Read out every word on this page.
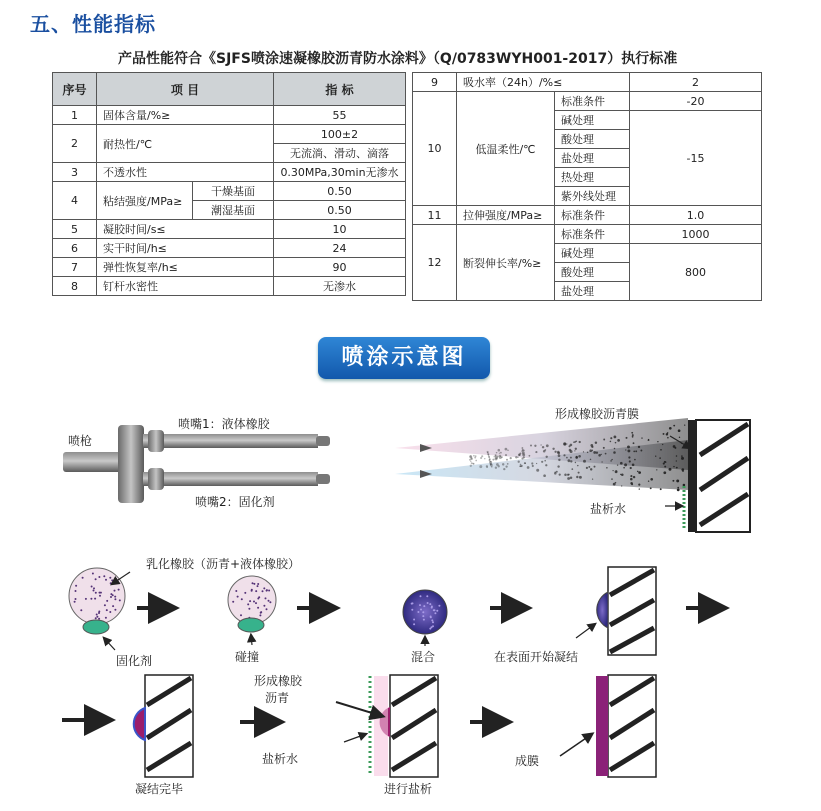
五、性能指标
产品性能符合《SJFS喷涂速凝橡胶沥青防水涂料》（Q/0783WYH001-2017）执行标准
序号	项 目		指 标
1	固体含量/%≥		55
2	耐热性/℃		100±2
			无流淌、滑动、滴落
3	不透水性		0.30MPa,30min无渗水
4	粘结强度/MPa≥	干燥基面	0.50
		潮湿基面	0.50
5	凝胶时间/s≤		10
6	实干时间/h≤		24
7	弹性恢复率/h≤		90
8	钉杆水密性		无渗水
9	吸水率（24h）/%≤		2
10	低温柔性/℃	标准条件	-20
		碱处理	-15
		酸处理	
		盐处理	
		热处理	
		紫外线处理	
11	拉伸强度/MPa≥	标准条件	1.0
12	断裂伸长率/%≥	标准条件	1000
		碱处理	800
		酸处理	
		盐处理	
喷涂示意图
喷枪
喷嘴1：液体橡胶
喷嘴2：固化剂
形成橡胶沥青膜
盐析水
乳化橡胶（沥青+液体橡胶）
固化剂	碰撞	混合	在表面开始凝结
凝结完毕
形成橡胶
沥青
盐析水
进行盐析
成膜
